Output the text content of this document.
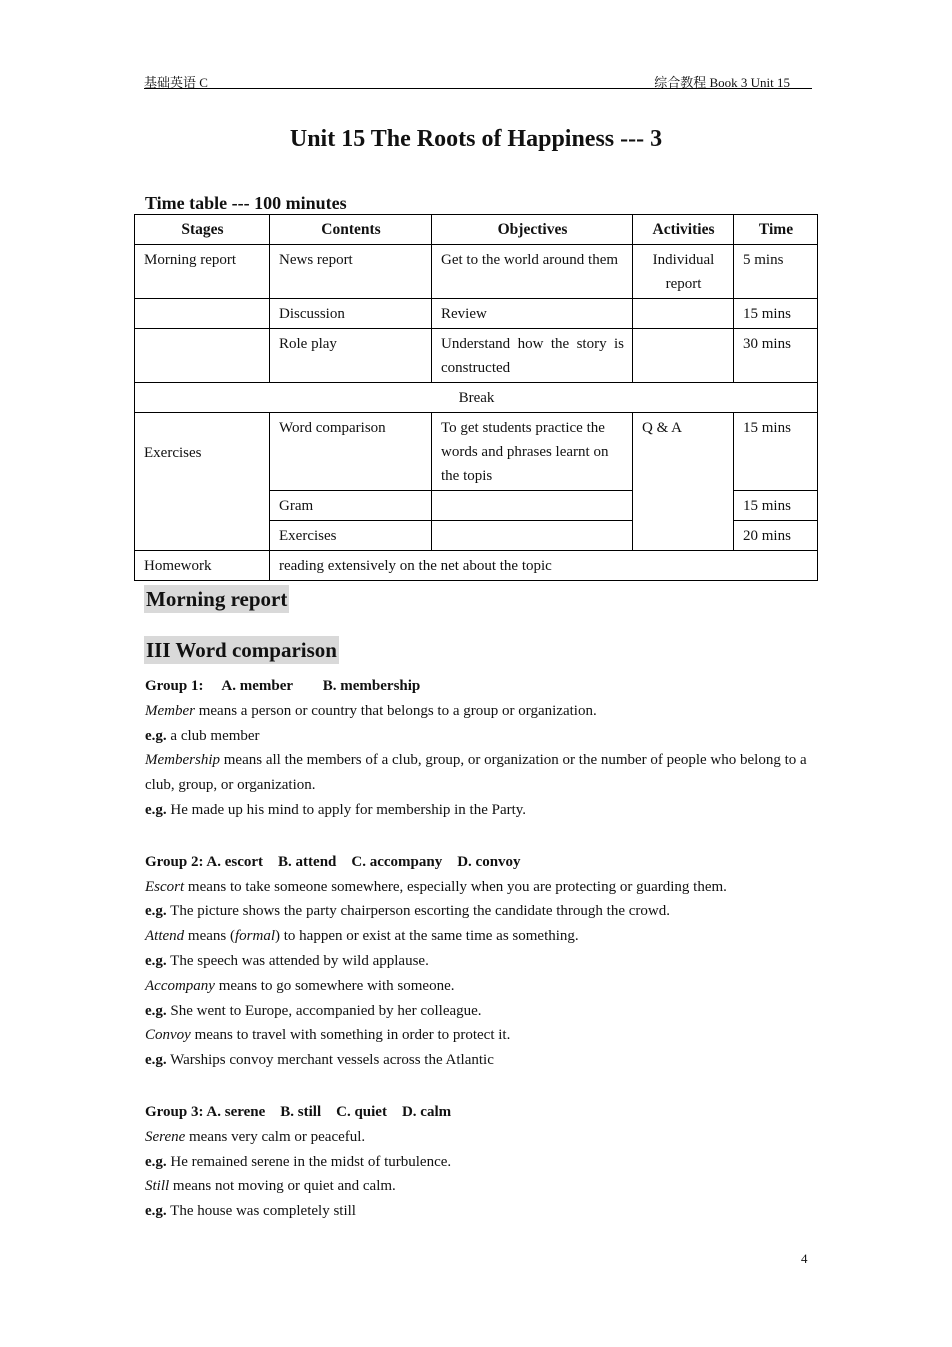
基础英语 C	综合教程 Book 3 Unit 15
Unit 15 The Roots of Happiness --- 3
Time table --- 100 minutes
Stages	Contents	Objectives	Activities	Time
Morning report	News report	Get to the world around them	Individual report	5 mins
	Discussion	Review		15 mins
	Role play	Understand how the story is constructed		30 mins
Break				
Exercises	Word comparison	To get students practice the words and phrases learnt on the topis	Q & A	15 mins
	Gram			15 mins
	Exercises			20 mins
Homework	reading extensively on the net about the topic			
Morning report
III Word comparison

Group 1:     A. member        B. membership

Member means a person or country that belongs to a group or organization.

e.g. a club member

Membership means all the members of a club, group, or organization or the number of people who belong to a club, group, or organization.

e.g. He made up his mind to apply for membership in the Party.

Group 2: A. escort    B. attend    C. accompany    D. convoy

Escort means to take someone somewhere, especially when you are protecting or guarding them.

e.g. The picture shows the party chairperson escorting the candidate through the crowd.

Attend means (formal) to happen or exist at the same time as something.

e.g. The speech was attended by wild applause.

Accompany means to go somewhere with someone.

e.g. She went to Europe, accompanied by her colleague.

Convoy means to travel with something in order to protect it.

e.g. Warships convoy merchant vessels across the Atlantic

Group 3: A. serene    B. still    C. quiet    D. calm

Serene means very calm or peaceful.

e.g. He remained serene in the midst of turbulence.

Still means not moving or quiet and calm.

e.g. The house was completely still

4
